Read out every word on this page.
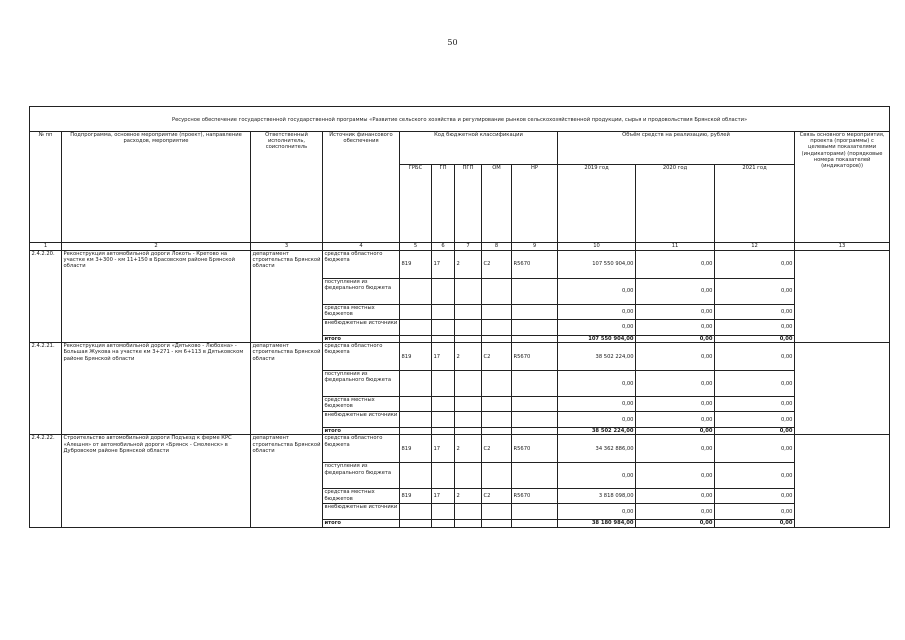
50
Ресурсное обеспечение государственной государственной программы «Развитие сельского хозяйства и регулирование рынков сельскохозяйственной продукции, сырья и продовольствия Брянской области»												
№ пп	Подпрограмма, основное мероприятие (проект), направление расходов, мероприятие	Ответственный исполнитель, соисполнитель	Источник финансового обеспечения	Код бюджетной классификации					Объём средств на реализацию, рублей			Связь основного мероприятия, проекта (программы) с целевыми показателями (индикаторами) (порядковые номера показателей (индикаторов))
				ГРБС	ГП	ПГП	ОМ	НР	2019 год	2020 год	2021 год	
1	2	3	4	5	6	7	8	9	10	11	12	13
2.4.2.20.	Реконструкция автомобильной дороги Локоть - Кретово на участке км 3+300 - км 11+150 в Брасовском районе Брянской области	департамент строительства Брянской области	средства областного бюджета	819	17	2	С2	R5670	107 550 904,00	0,00	0,00	
			поступления из федерального бюджета						0,00	0,00	0,00	
			средства местных бюджетов						0,00	0,00	0,00	
			внебюджетные источники						0,00	0,00	0,00	
			итого						107 550 904,00	0,00	0,00	
2.4.2.21.	Реконструкция автомобильной дороги «Дятьково - Любохна» - Большая Жукова на участке км 3+271 - км 6+113 в Дятьковском районе Брянской области	департамент строительства Брянской области	средства областного бюджета	819	17	2	С2	R5670	38 502 224,00	0,00	0,00	
			поступления из федерального бюджета						0,00	0,00	0,00	
			средства местных бюджетов						0,00	0,00	0,00	
			внебюджетные источники						0,00	0,00	0,00	
			итого						38 502 224,00	0,00	0,00	
2.4.2.22.	Строительство автомобильной дороги Подъезд к ферме КРС «Алешня» от автомобильной дороги «Брянск - Смоленск» в Дубровском районе Брянской области	департамент строительства Брянской области	средства областного бюджета	819	17	2	С2	R5670	34 362 886,00	0,00	0,00	
			поступления из федерального бюджета						0,00	0,00	0,00	
			средства местных бюджетов	819	17	2	С2	R5670	3 818 098,00	0,00	0,00	
			внебюджетные источники						0,00	0,00	0,00	
			итого						38 180 984,00	0,00	0,00	
